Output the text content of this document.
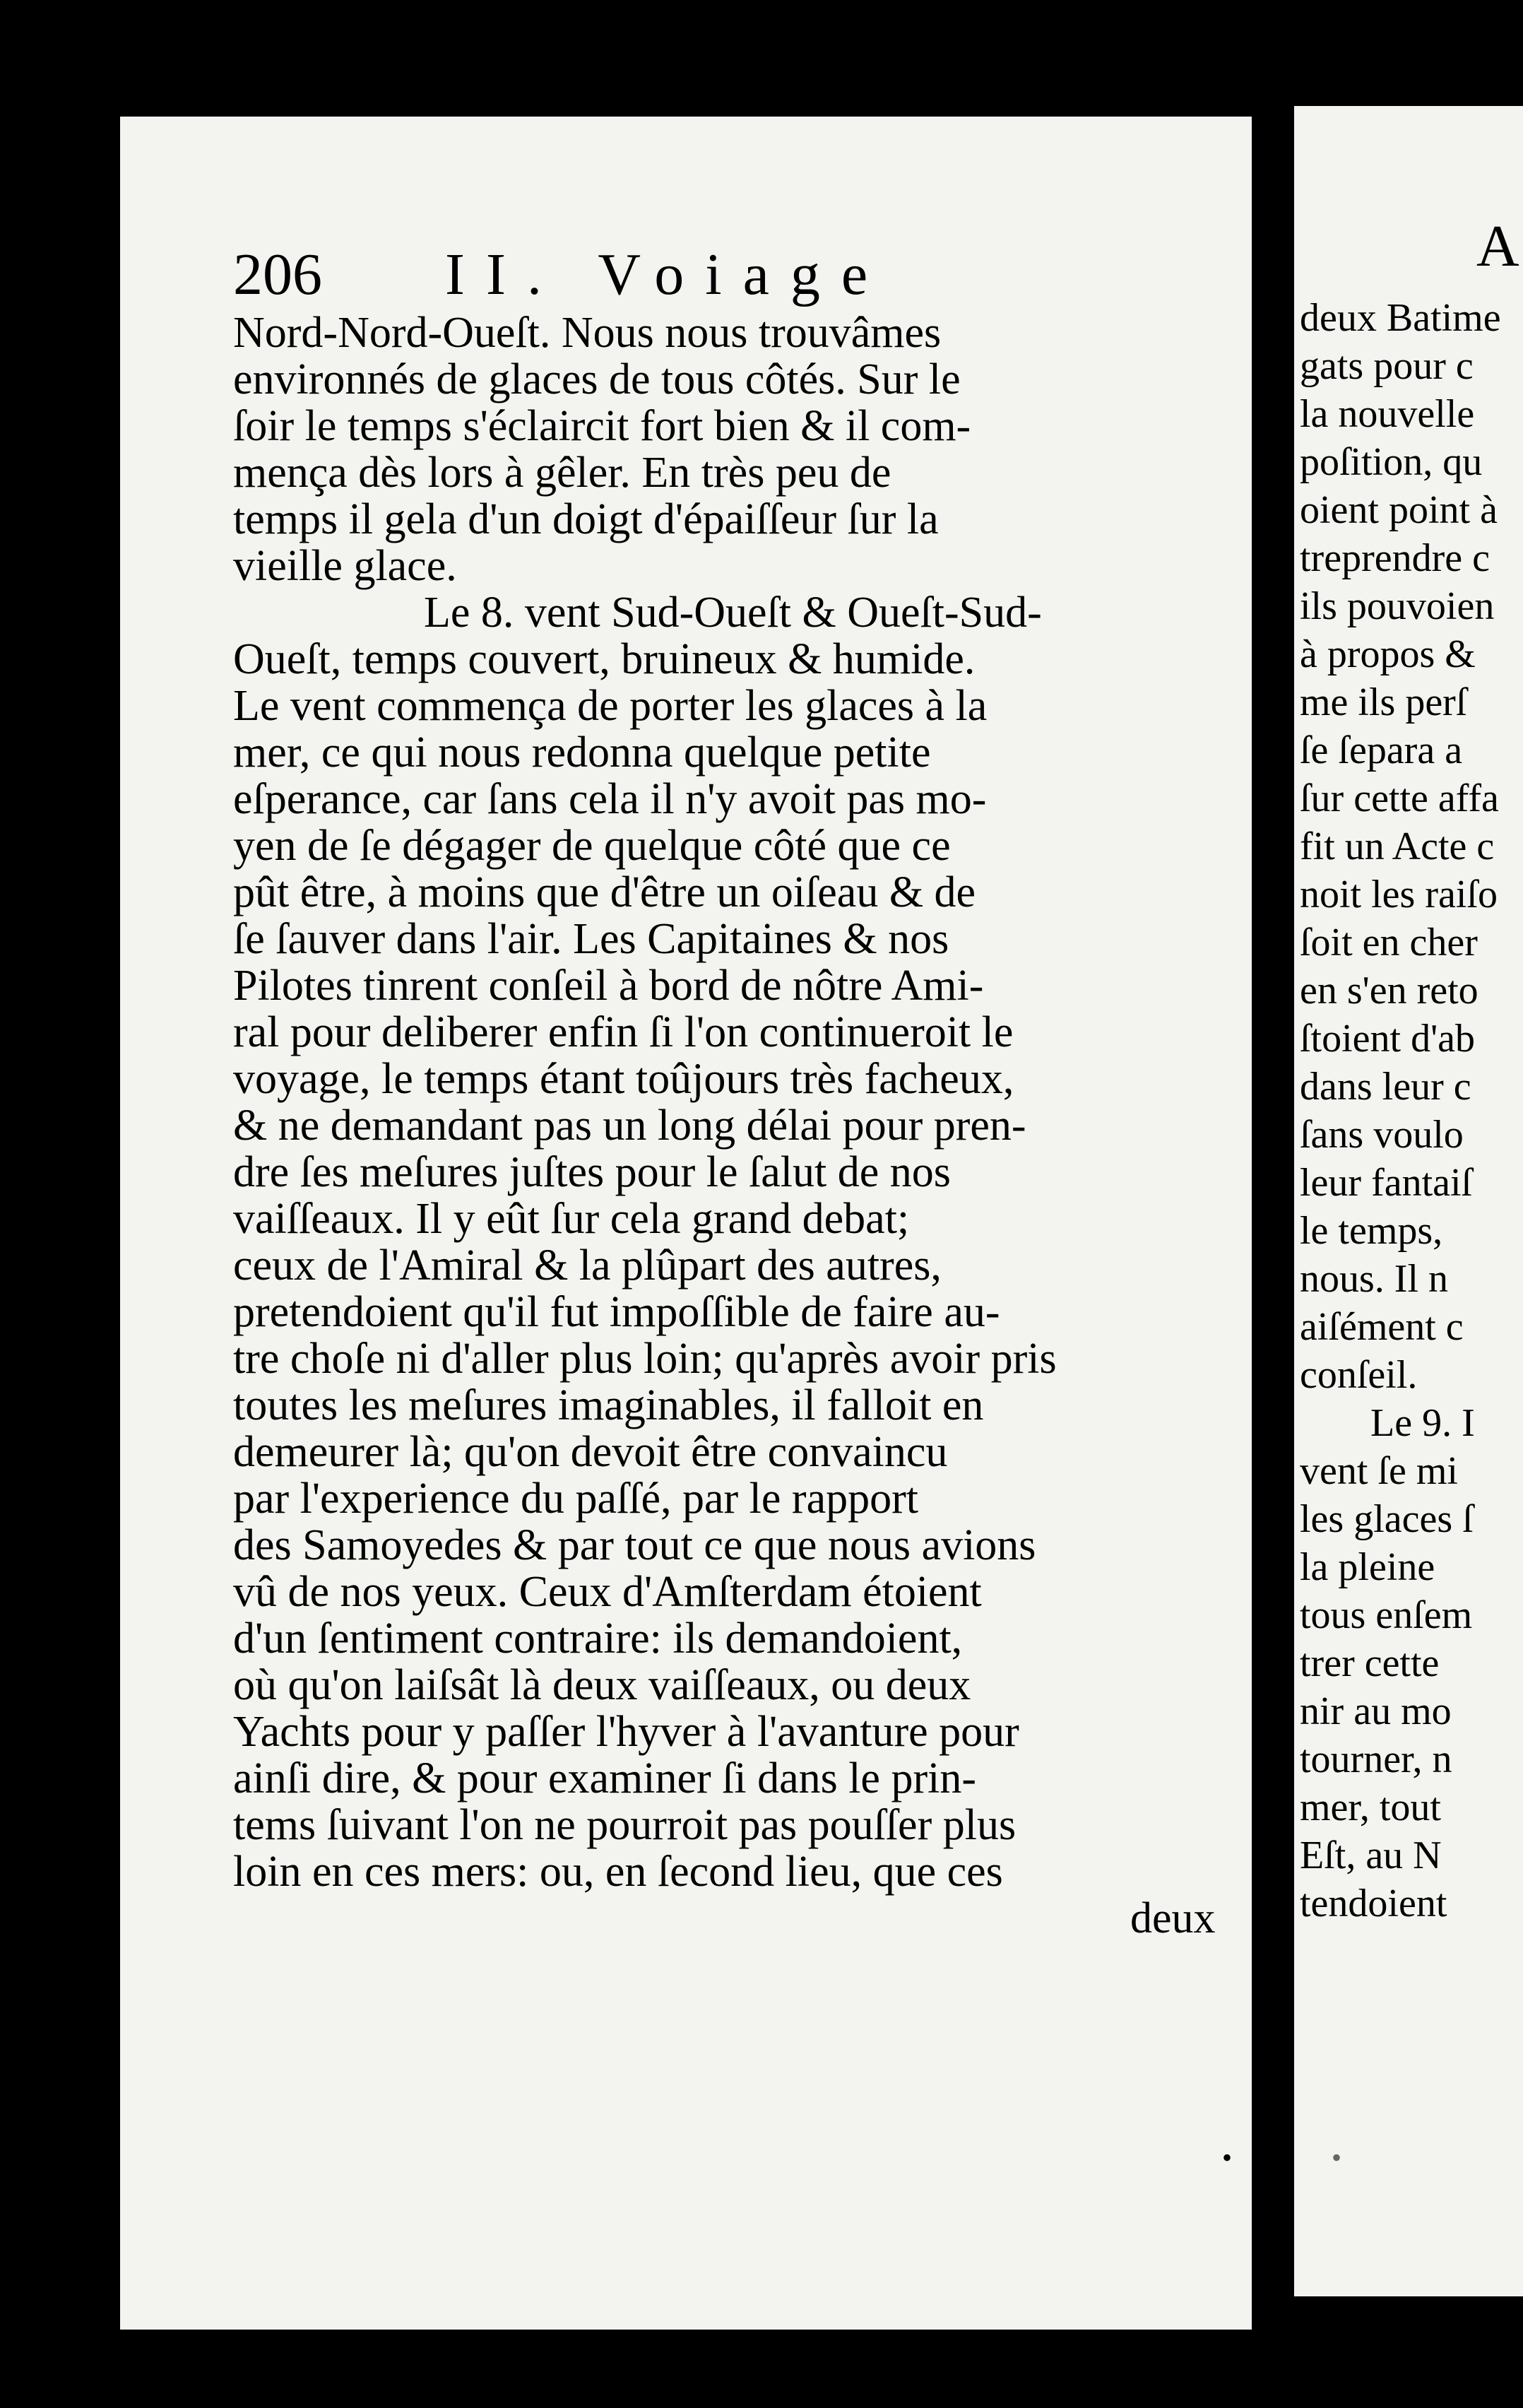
206 II. Voiage
Nord-Nord-Oueſt. Nous nous trouvâmes
environnés de glaces de tous côtés. Sur le
ſoir le temps s'éclaircit fort bien & il com-
mença dès lors à gêler. En très peu de
temps il gela d'un doigt d'épaiſſeur ſur la
vieille glace.
Le 8. vent Sud-Oueſt & Oueſt-Sud-
Oueſt, temps couvert, bruineux & humide.
Le vent commença de porter les glaces à la
mer, ce qui nous redonna quelque petite
eſperance, car ſans cela il n'y avoit pas mo-
yen de ſe dégager de quelque côté que ce
pût être, à moins que d'être un oiſeau & de
ſe ſauver dans l'air. Les Capitaines & nos
Pilotes tinrent conſeil à bord de nôtre Ami-
ral pour deliberer enfin ſi l'on continueroit le
voyage, le temps étant toûjours très facheux,
& ne demandant pas un long délai pour pren-
dre ſes meſures juſtes pour le ſalut de nos
vaiſſeaux. Il y eût ſur cela grand debat;
ceux de l'Amiral & la plûpart des autres,
pretendoient qu'il fut impoſſible de faire au-
tre choſe ni d'aller plus loin; qu'après avoir pris
toutes les meſures imaginables, il falloit en
demeurer là; qu'on devoit être convaincu
par l'experience du paſſé, par le rapport
des Samoyedes & par tout ce que nous avions
vû de nos yeux. Ceux d'Amſterdam étoient
d'un ſentiment contraire: ils demandoient,
où qu'on laiſsât là deux vaiſſeaux, ou deux
Yachts pour y paſſer l'hyver à l'avanture pour
ainſi dire, & pour examiner ſi dans le prin-
tems ſuivant l'on ne pourroit pas pouſſer plus
loin en ces mers: ou, en ſecond lieu, que ces
deux
A
deux Batime
gats pour c
la nouvelle
poſition, qu
oient point à
treprendre c
ils pouvoien
à propos &
me ils perſ
ſe ſepara a
ſur cette affa
fit un Acte c
noit les raiſo
ſoit en cher
en s'en reto
ſtoient d'ab
dans leur c
ſans voulo
leur fantaiſ
le temps,
nous. Il n
aiſément c
conſeil.
Le 9. I
vent ſe mi
les glaces ſ
la pleine
tous enſem
trer cette
nir au mo
tourner, n
mer, tout
Eſt, au N
tendoient
•	•
